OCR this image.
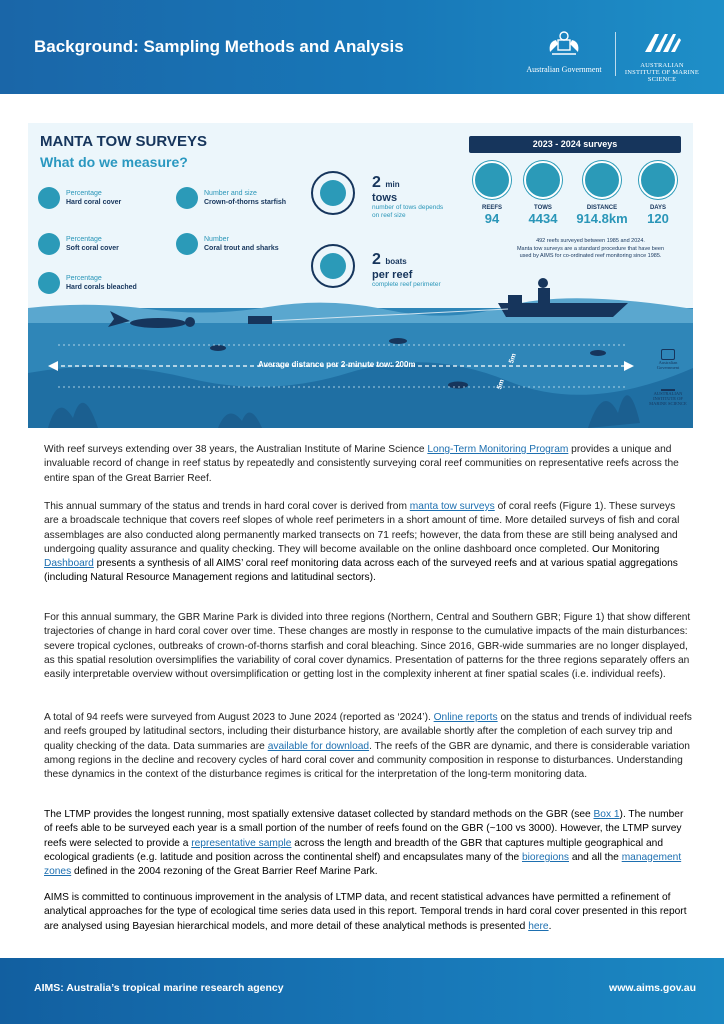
Background: Sampling Methods and Analysis
Australian Government	AUSTRALIAN INSTITUTE OF MARINE SCIENCE
MANTA TOW SURVEYS
What do we measure?
Percentage
Hard coral cover
Percentage
Soft coral cover
Percentage
Hard corals bleached
Number and size
Crown-of-thorns starfish
Number
Coral trout and sharks
2 min
tows
number of tows depends on reef size
2 boats
per reef
complete reef perimeter
2023 - 2024 surveys
REEFS
94
TOWS
4434
DISTANCE
914.8km
DAYS
120
492 reefs surveyed between 1985 and 2024.
Manta tow surveys are a standard procedure that have been
used by AIMS for co-ordinated reef monitoring since 1985.
Average distance per 2-minute tow: 200m
5m
5m
Australian Government
AUSTRALIAN INSTITUTE OF MARINE SCIENCE
With reef surveys extending over 38 years, the Australian Institute of Marine Science Long-Term Monitoring Program provides a unique and invaluable record of change in reef status by repeatedly and consistently surveying coral reef communities on representative reefs across the entire span of the Great Barrier Reef.
This annual summary of the status and trends in hard coral cover is derived from manta tow surveys of coral reefs (Figure 1). These surveys are a broadscale technique that covers reef slopes of whole reef perimeters in a short amount of time. More detailed surveys of fish and coral assemblages are also conducted along permanently marked transects on 71 reefs; however, the data from these are still being analysed and undergoing quality assurance and quality checking. They will become available on the online dashboard once completed. Our Monitoring Dashboard presents a synthesis of all AIMS’ coral reef monitoring data across each of the surveyed reefs and at various spatial aggregations (including Natural Resource Management regions and latitudinal sectors).
For this annual summary, the GBR Marine Park is divided into three regions (Northern, Central and Southern GBR; Figure 1) that show different trajectories of change in hard coral cover over time. These changes are mostly in response to the cumulative impacts of the main disturbances: severe tropical cyclones, outbreaks of crown-of-thorns starfish and coral bleaching. Since 2016, GBR-wide summaries are no longer displayed, as this spatial resolution oversimplifies the variability of coral cover dynamics. Presentation of patterns for the three regions separately offers an easily interpretable overview without oversimplification or getting lost in the complexity inherent at finer spatial scales (i.e. individual reefs).
A total of 94 reefs were surveyed from August 2023 to June 2024 (reported as ‘2024’). Online reports on the status and trends of individual reefs and reefs grouped by latitudinal sectors, including their disturbance history, are available shortly after the completion of each survey trip and quality checking of the data. Data summaries are available for download. The reefs of the GBR are dynamic, and there is considerable variation among regions in the decline and recovery cycles of hard coral cover and community composition in response to disturbances. Understanding these dynamics in the context of the disturbance regimes is critical for the interpretation of the long-term monitoring data.
The LTMP provides the longest running, most spatially extensive dataset collected by standard methods on the GBR (see Box 1). The number of reefs able to be surveyed each year is a small portion of the number of reefs found on the GBR (~100 vs 3000). However, the LTMP survey reefs were selected to provide a representative sample across the length and breadth of the GBR that captures multiple geographical and ecological gradients (e.g. latitude and position across the continental shelf) and encapsulates many of the bioregions and all the management zones defined in the 2004 rezoning of the Great Barrier Reef Marine Park.
AIMS is committed to continuous improvement in the analysis of LTMP data, and recent statistical advances have permitted a refinement of analytical approaches for the type of ecological time series data used in this report. Temporal trends in hard coral cover presented in this report are analysed using Bayesian hierarchical models, and more detail of these analytical methods is presented here.
AIMS: Australia’s tropical marine research agency	www.aims.gov.au
